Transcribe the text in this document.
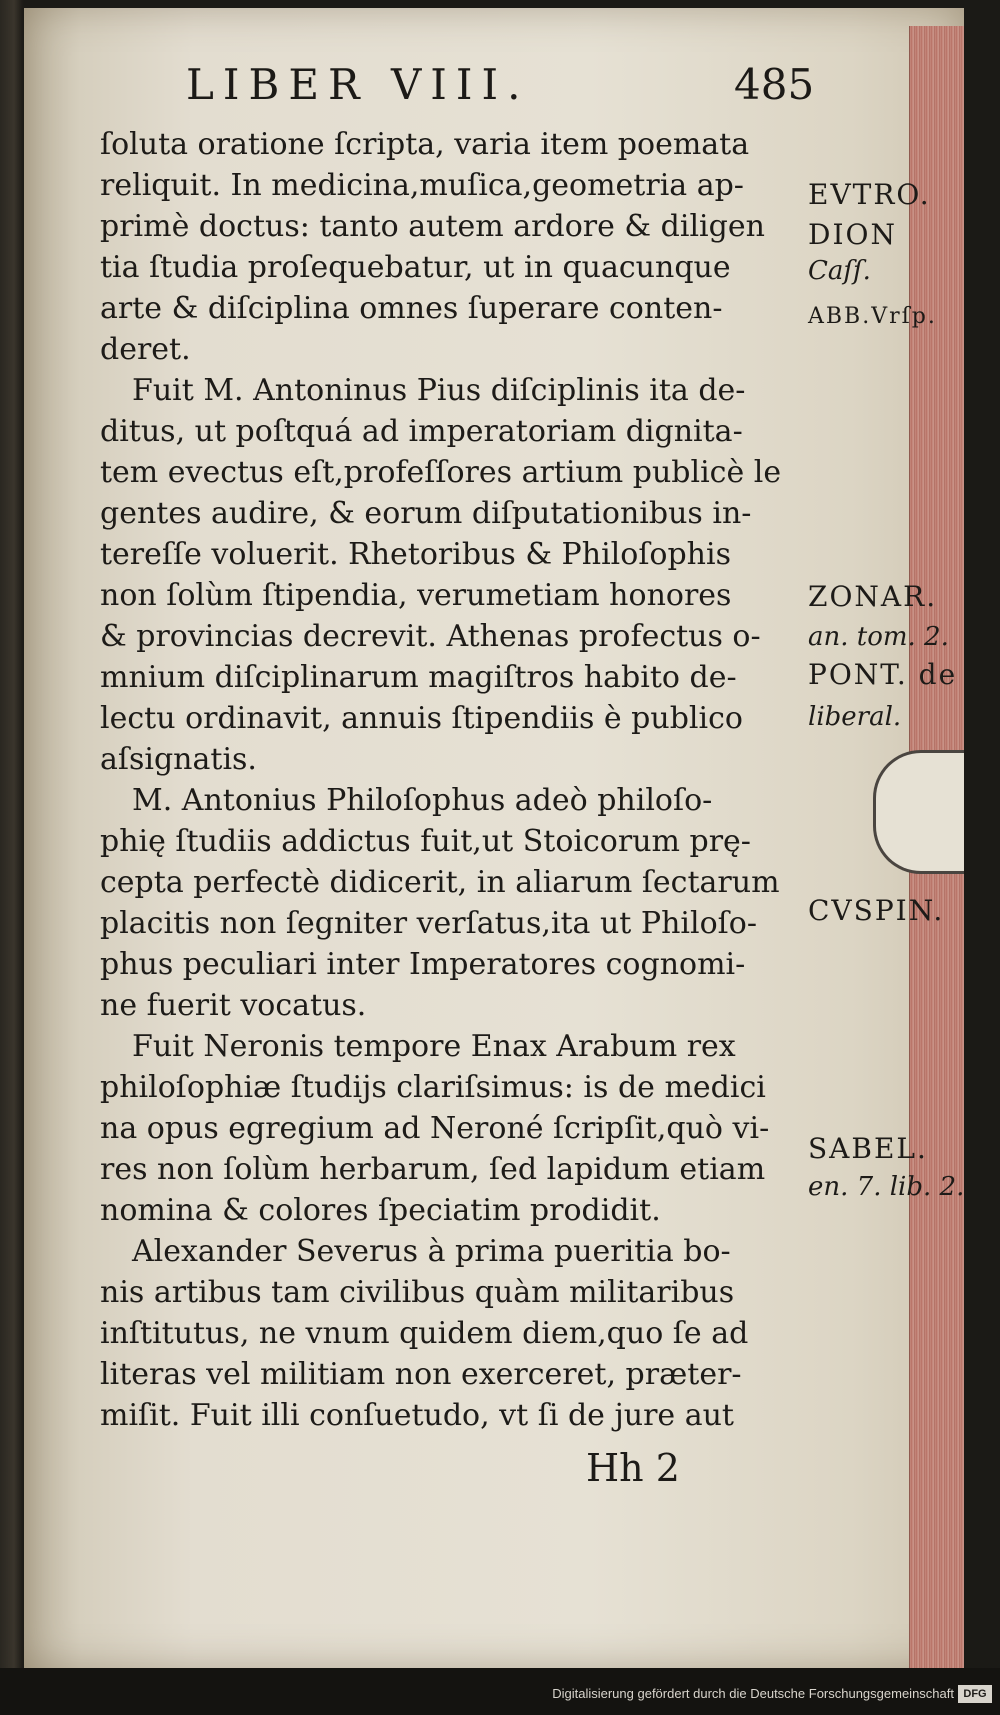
LIBER VIII.	485
ſoluta oratione ſcripta, varia item poemata
reliquit. In medicina,muſica,geometria ap-
primè doctus: tanto autem ardore & diligen
tia ſtudia proſequebatur, ut in quacunque
arte & diſciplina omnes ſuperare conten-
deret.
Fuit M. Antoninus Pius diſciplinis ita de-
ditus, ut poſtquá ad imperatoriam dignita-
tem evectus eſt,profeſſores artium publicè le
gentes audire, & eorum diſputationibus in-
tereſſe voluerit. Rhetoribus & Philoſophis
non ſolùm ſtipendia, verumetiam honores
& provincias decrevit. Athenas profectus o-
mnium diſciplinarum magiſtros habito de-
lectu ordinavit, annuis ſtipendiis è publico
aſsignatis.
M. Antonius Philoſophus adeò philoſo-
phię ſtudiis addictus fuit,ut Stoicorum prę-
cepta perfectè didicerit, in aliarum ſectarum
placitis non ſegniter verſatus,ita ut Philoſo-
phus peculiari inter Imperatores cognomi-
ne fuerit vocatus.
Fuit Neronis tempore Enax Arabum rex
philoſophiæ ſtudijs clariſsimus: is de medici
na opus egregium ad Neroné ſcripſit,quò vi-
res non ſolùm herbarum, ſed lapidum etiam
nomina & colores ſpeciatim prodidit.
Alexander Severus à prima pueritia bo-
nis artibus tam civilibus quàm militaribus
inſtitutus, ne vnum quidem diem,quo ſe ad
literas vel militiam non exerceret, præter-
miſit. Fuit illi conſuetudo, vt ſi de jure aut
EVTRO.
DION
Caſſ.
ABB.Vrſp.
ZONAR.
an. tom. 2.
PONT. de
liberal.
CVSPIN.
SABEL.
en. 7. lib. 2.
Hh 2
Digitalisierung gefördert durch die Deutsche Forschungsgemeinschaft DFG
